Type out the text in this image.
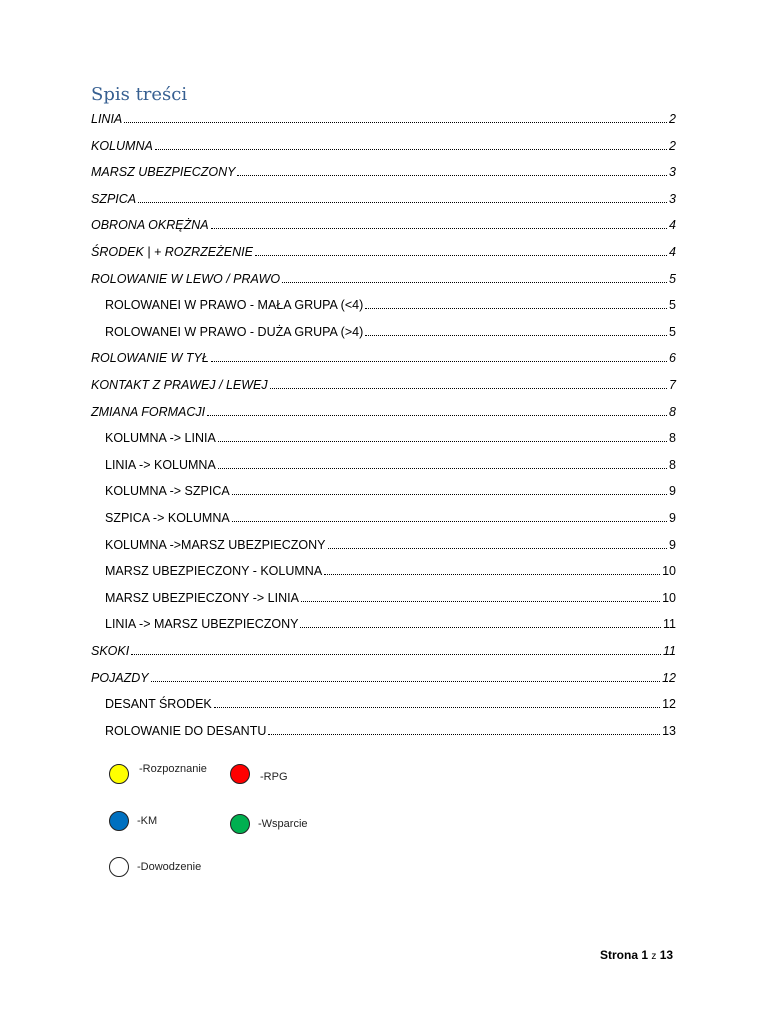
Spis treści
LINIA	2
KOLUMNA	2
MARSZ UBEZPIECZONY	3
SZPICA	3
OBRONA OKRĘŻNA	4
ŚRODEK | + ROZRZEŻENIE	4
ROLOWANIE W LEWO / PRAWO	5
ROLOWANEI W PRAWO - MAŁA GRUPA (<4)	5
ROLOWANEI W PRAWO - DUŻA GRUPA (>4)	5
ROLOWANIE W TYŁ	6
KONTAKT Z PRAWEJ / LEWEJ	7
ZMIANA FORMACJI	8
KOLUMNA -> LINIA	8
LINIA -> KOLUMNA	8
KOLUMNA -> SZPICA	9
SZPICA -> KOLUMNA	9
KOLUMNA ->MARSZ UBEZPIECZONY	9
MARSZ UBEZPIECZONY - KOLUMNA	10
MARSZ UBEZPIECZONY -> LINIA	10
LINIA -> MARSZ UBEZPIECZONY	11
SKOKI	11
POJAZDY	12
DESANT ŚRODEK	12
ROLOWANIE DO DESANTU	13
-Rozpoznanie
-RPG
-KM	-Wsparcie
-Dowodzenie
Strona 1 z 13
